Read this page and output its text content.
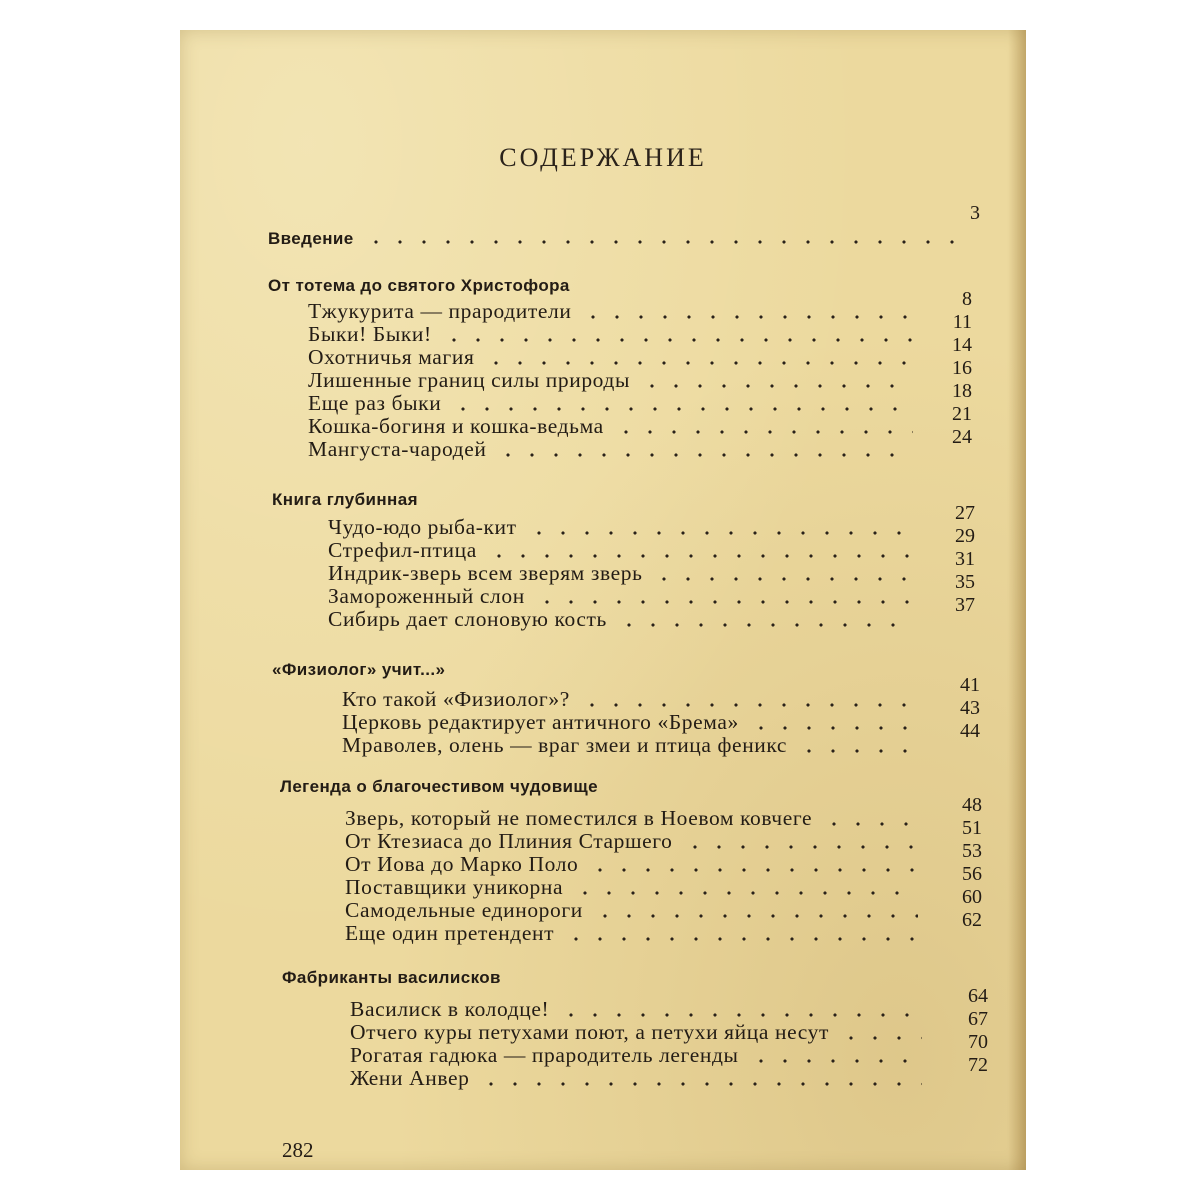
СОДЕРЖАНИЕ
Введение
3
От тотема до святого Христофора
8
11
14
16
18
21
24
Тжукурита — прародители
Быки! Быки!
Охотничья магия
Лишенные границ силы природы
Еще раз быки
Кошка-богиня и кошка-ведьма
Мангуста-чародей
Книга глубинная
27
29
31
35
37
Чудо-юдо рыба-кит
Стрефил-птица
Индрик-зверь всем зверям зверь
Замороженный слон
Сибирь дает слоновую кость
«Физиолог» учит...»
41
43
44
Кто такой «Физиолог»?
Церковь редактирует античного «Брема»
Мраволев, олень — враг змеи и птица феникс
Легенда о благочестивом чудовище
48
51
53
56
60
62
Зверь, который не поместился в Ноевом ковчеге
От Ктезиаса до Плиния Старшего
От Иова до Марко Поло
Поставщики уникорна
Самодельные единороги
Еще один претендент
Фабриканты василисков
64
67
70
72
Василиск в колодце!
Отчего куры петухами поют, а петухи яйца несут
Рогатая гадюка — прародитель легенды
Жени Анвер
282
